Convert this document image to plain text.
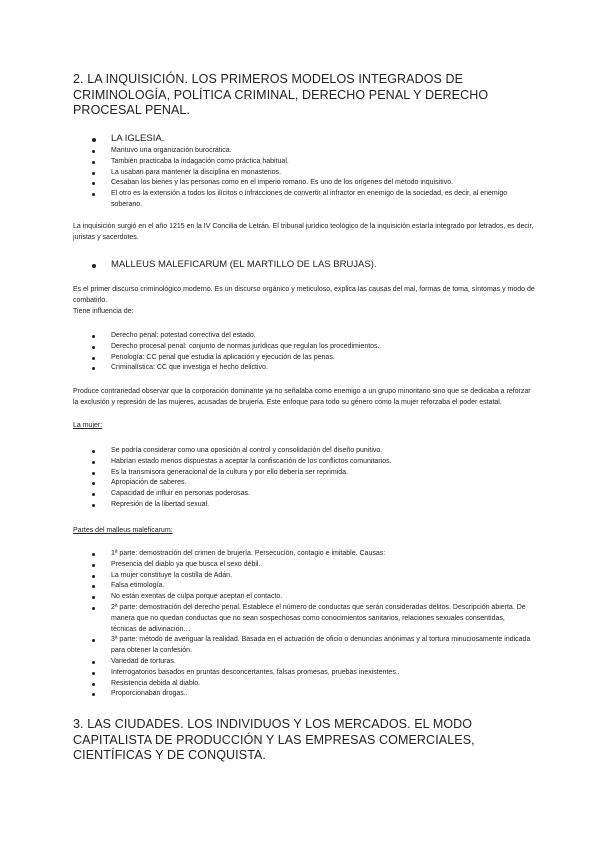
2. LA INQUISICIÓN. LOS PRIMEROS MODELOS INTEGRADOS DE CRIMINOLOGÍA, POLÍTICA CRIMINAL, DERECHO PENAL Y DERECHO PROCESAL PENAL.
LA IGLESIA.
Mantuvo una organización burocrática.
También practicaba la indagación como práctica habitual.
La usaban para mantener la disciplina en monasterios.
Cesaban los bienes y las personas como en el imperio romano. Es uno de los orígenes del método inquisitivo.
El otro es la extensión a todos los ilícitos o infracciones de convertir al infractor en enemigo de la sociedad, es decir, al enemigo soberano.

La inquisición surgió en el año 1215 en la IV Concilia de Letrán. El tribunal jurídico teológico de la inquisición estaría integrado por letrados, es decir, juristas y sacerdotes.

MALLEUS MALEFICARUM (EL MARTILLO DE LAS BRUJAS).

Es el primer discurso criminológico moderno. Es un discurso orgánico y meticuloso, explica las causas del mal, formas de toma, síntomas y modo de combatirlo.

Tiene influencia de:
Derecho penal: potestad correctiva del estado.
Derecho procesal penal: conjunto de normas jurídicas que regulan los procedimientos.
Penología: CC penal que estudia la aplicación y ejecución de las penas.
Criminalística: CC que investiga el hecho delictivo.

Produce contrariedad observar que la corporación dominante ya no señalaba como enemigo a un grupo minoritario sino que se dedicaba a reforzar la exclusión y represión de las mujeres, acusadas de brujería. Este enfoque para todo su género como la mujer reforzaba el poder estatal.

La mujer:
Se podría considerar como una oposición al control y consolidación del diseño punitivo.
Habrían estado menos dispuestas a aceptar la confiscación de los conflictos comunitarios.
Es la transmisora generacional de la cultura y por ello debería ser reprimida.
Apropiación de saberes.
Capacidad de influir en personas poderosas.
Represión de la libertad sexual.
Partes del malleus maleficarum:
1ª parte: demostración del crimen de brujería. Persecución, contagio e imitable. Causas:
Presencia del diablo ya que busca el sexo débil.
La mujer constituye la costilla de Adán.
Falsa etimología.
No están exentas de culpa porque aceptan el contacto.
2ª parte: demostración del derecho penal. Establece el número de conductas que serán consideradas delitos. Descripción abierta. De manera que no quedan conductas que no sean sospechosas como conocimientos sanitarios, relaciones sexuales consentidas, técnicas de adivinación…
3ª parte: método de averiguar la realidad. Basada en el actuación de oficio o denuncias anónimas y al tortura minuciosamente indicada para obtener la confesión.
Variedad de torturas.
Interrogatorios basados en pruntas desconcertantes, falsas promesas, pruebas inexistentes..
Resistencia debida al diablo.
Proporcionaban drogas..
3. LAS CIUDADES. LOS INDIVIDUOS Y LOS MERCADOS. EL MODO CAPITALISTA DE PRODUCCIÓN Y LAS EMPRESAS COMERCIALES, CIENTÍFICAS Y DE CONQUISTA.
